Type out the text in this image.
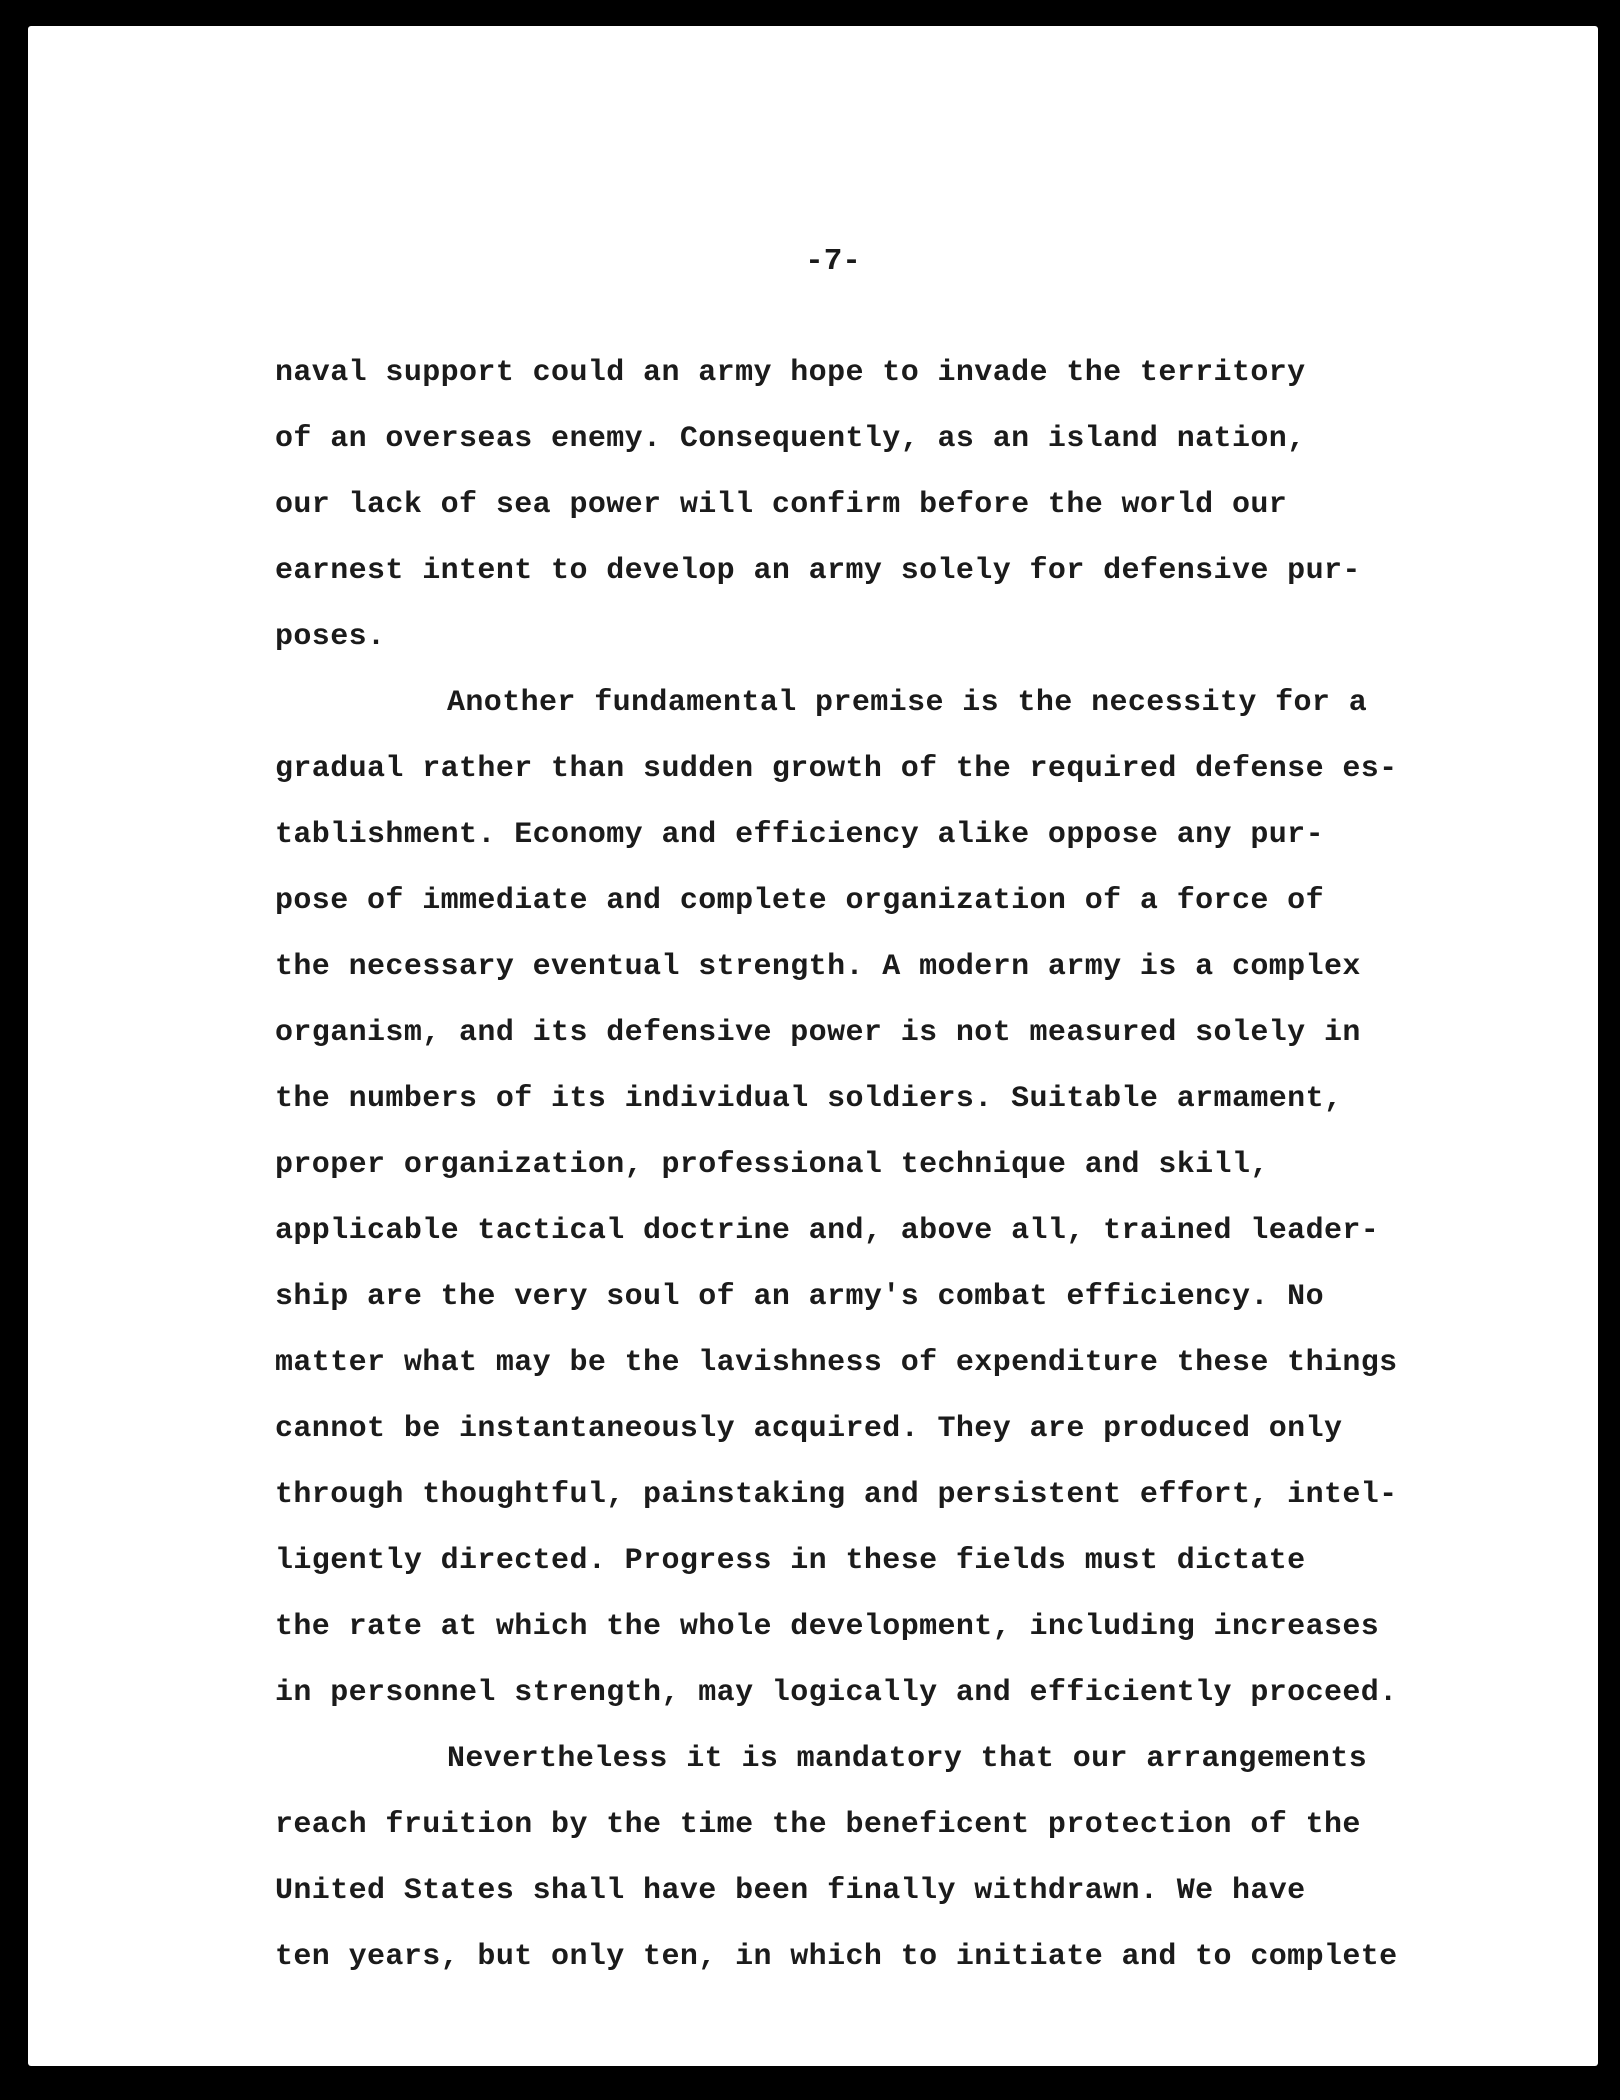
-7-
naval support could an army hope to invade the territory
of an overseas enemy. Consequently, as an island nation,
our lack of sea power will confirm before the world our
earnest intent to develop an army solely for defensive pur-
poses.
Another fundamental premise is the necessity for a
gradual rather than sudden growth of the required defense es-
tablishment. Economy and efficiency alike oppose any pur-
pose of immediate and complete organization of a force of
the necessary eventual strength. A modern army is a complex
organism, and its defensive power is not measured solely in
the numbers of its individual soldiers. Suitable armament,
proper organization, professional technique and skill,
applicable tactical doctrine and, above all, trained leader-
ship are the very soul of an army's combat efficiency. No
matter what may be the lavishness of expenditure these things
cannot be instantaneously acquired. They are produced only
through thoughtful, painstaking and persistent effort, intel-
ligently directed. Progress in these fields must dictate
the rate at which the whole development, including increases
in personnel strength, may logically and efficiently proceed.
Nevertheless it is mandatory that our arrangements
reach fruition by the time the beneficent protection of the
United States shall have been finally withdrawn. We have
ten years, but only ten, in which to initiate and to complete
